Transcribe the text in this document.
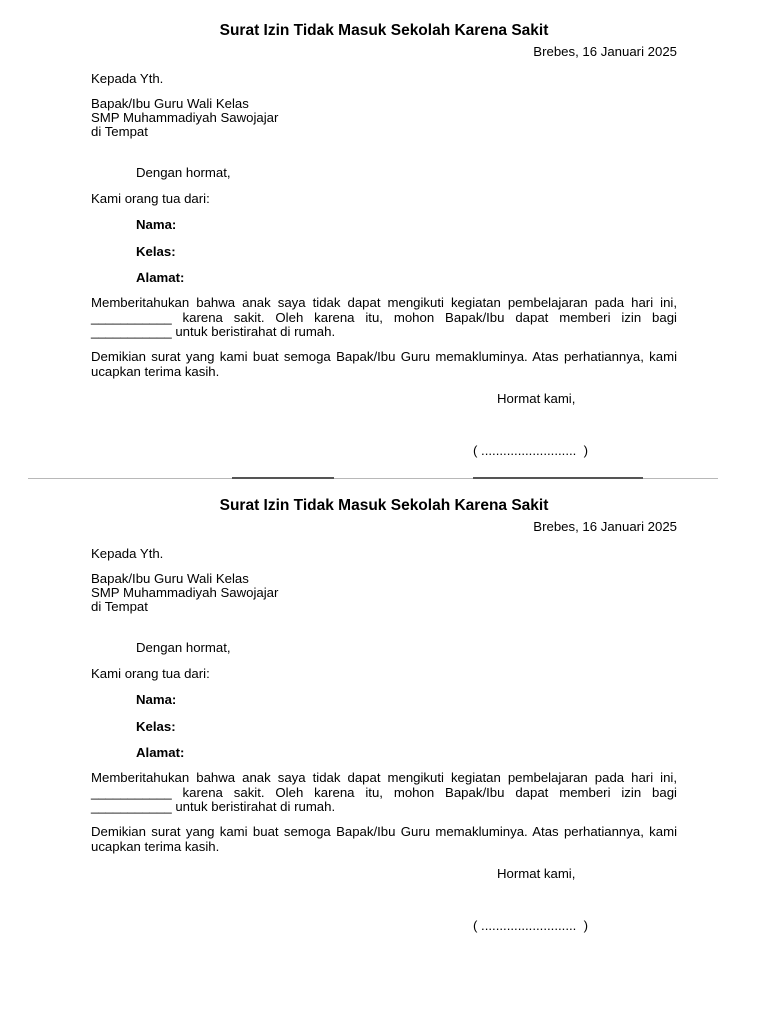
Surat Izin Tidak Masuk Sekolah Karena Sakit
Brebes, 16 Januari 2025
Kepada Yth.
Bapak/Ibu Guru Wali Kelas
SMP Muhammadiyah Sawojajar
di Tempat
Dengan hormat,
Kami orang tua dari:
Nama:
Kelas:
Alamat:
Memberitahukan bahwa anak saya tidak dapat mengikuti kegiatan pembelajaran pada hari ini, ___________ karena sakit. Oleh karena itu, mohon Bapak/Ibu dapat memberi izin bagi ___________ untuk beristirahat di rumah.
Demikian surat yang kami buat semoga Bapak/Ibu Guru memakluminya. Atas perhatiannya, kami ucapkan terima kasih.
Hormat kami,
( ..........................  )
Surat Izin Tidak Masuk Sekolah Karena Sakit
Brebes, 16 Januari 2025
Kepada Yth.
Bapak/Ibu Guru Wali Kelas
SMP Muhammadiyah Sawojajar
di Tempat
Dengan hormat,
Kami orang tua dari:
Nama:
Kelas:
Alamat:
Memberitahukan bahwa anak saya tidak dapat mengikuti kegiatan pembelajaran pada hari ini, ___________ karena sakit. Oleh karena itu, mohon Bapak/Ibu dapat memberi izin bagi ___________ untuk beristirahat di rumah.
Demikian surat yang kami buat semoga Bapak/Ibu Guru memakluminya. Atas perhatiannya, kami ucapkan terima kasih.
Hormat kami,
( ..........................  )
